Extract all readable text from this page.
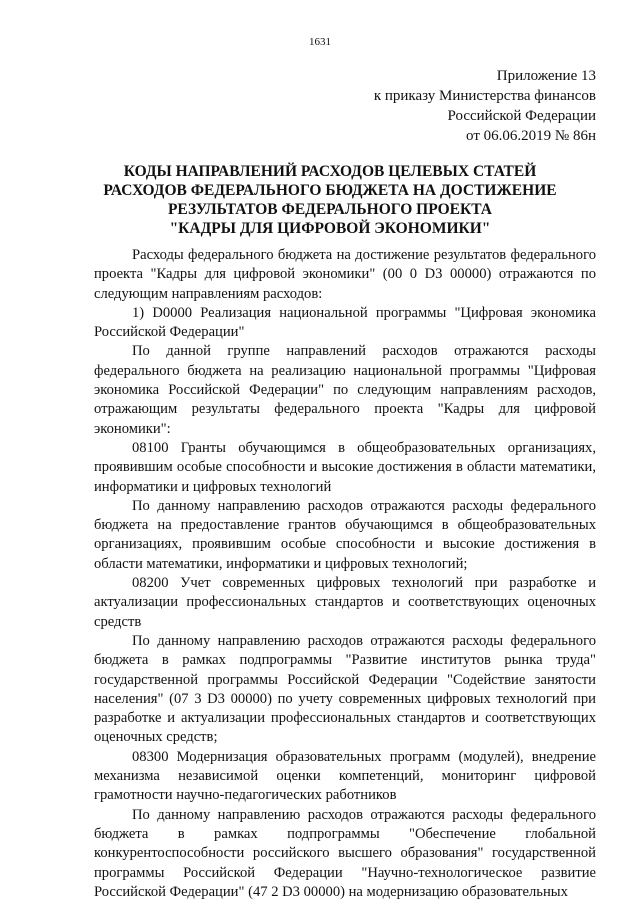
1631
Приложение 13
к приказу Министерства финансов
Российской Федерации
от 06.06.2019 № 86н
КОДЫ НАПРАВЛЕНИЙ РАСХОДОВ ЦЕЛЕВЫХ СТАТЕЙ
РАСХОДОВ ФЕДЕРАЛЬНОГО БЮДЖЕТА НА ДОСТИЖЕНИЕ
РЕЗУЛЬТАТОВ ФЕДЕРАЛЬНОГО ПРОЕКТА
"КАДРЫ ДЛЯ ЦИФРОВОЙ ЭКОНОМИКИ"

Расходы федерального бюджета на достижение результатов федерального проекта "Кадры для цифровой экономики" (00 0 D3 00000) отражаются по следующим направлениям расходов:

1) D0000 Реализация национальной программы "Цифровая экономика Российской Федерации"

По данной группе направлений расходов отражаются расходы федерального бюджета на реализацию национальной программы "Цифровая экономика Российской Федерации" по следующим направлениям расходов, отражающим результаты федерального проекта "Кадры для цифровой экономики":

08100 Гранты обучающимся в общеобразовательных организациях, проявившим особые способности и высокие достижения в области математики, информатики и цифровых технологий

По данному направлению расходов отражаются расходы федерального бюджета на предоставление грантов обучающимся в общеобразовательных организациях, проявившим особые способности и высокие достижения в области математики, информатики и цифровых технологий;

08200 Учет современных цифровых технологий при разработке и актуализации профессиональных стандартов и соответствующих оценочных средств

По данному направлению расходов отражаются расходы федерального бюджета в рамках подпрограммы "Развитие институтов рынка труда" государственной программы Российской Федерации "Содействие занятости населения" (07 3 D3 00000) по учету современных цифровых технологий при разработке и актуализации профессиональных стандартов и соответствующих оценочных средств;

08300 Модернизация образовательных программ (модулей), внедрение механизма независимой оценки компетенций, мониторинг цифровой грамотности научно-педагогических работников

По данному направлению расходов отражаются расходы федерального бюджета в рамках подпрограммы "Обеспечение глобальной конкурентоспособности российского высшего образования" государственной программы Российской Федерации "Научно-технологическое развитие Российской Федерации" (47 2 D3 00000) на модернизацию образовательных
